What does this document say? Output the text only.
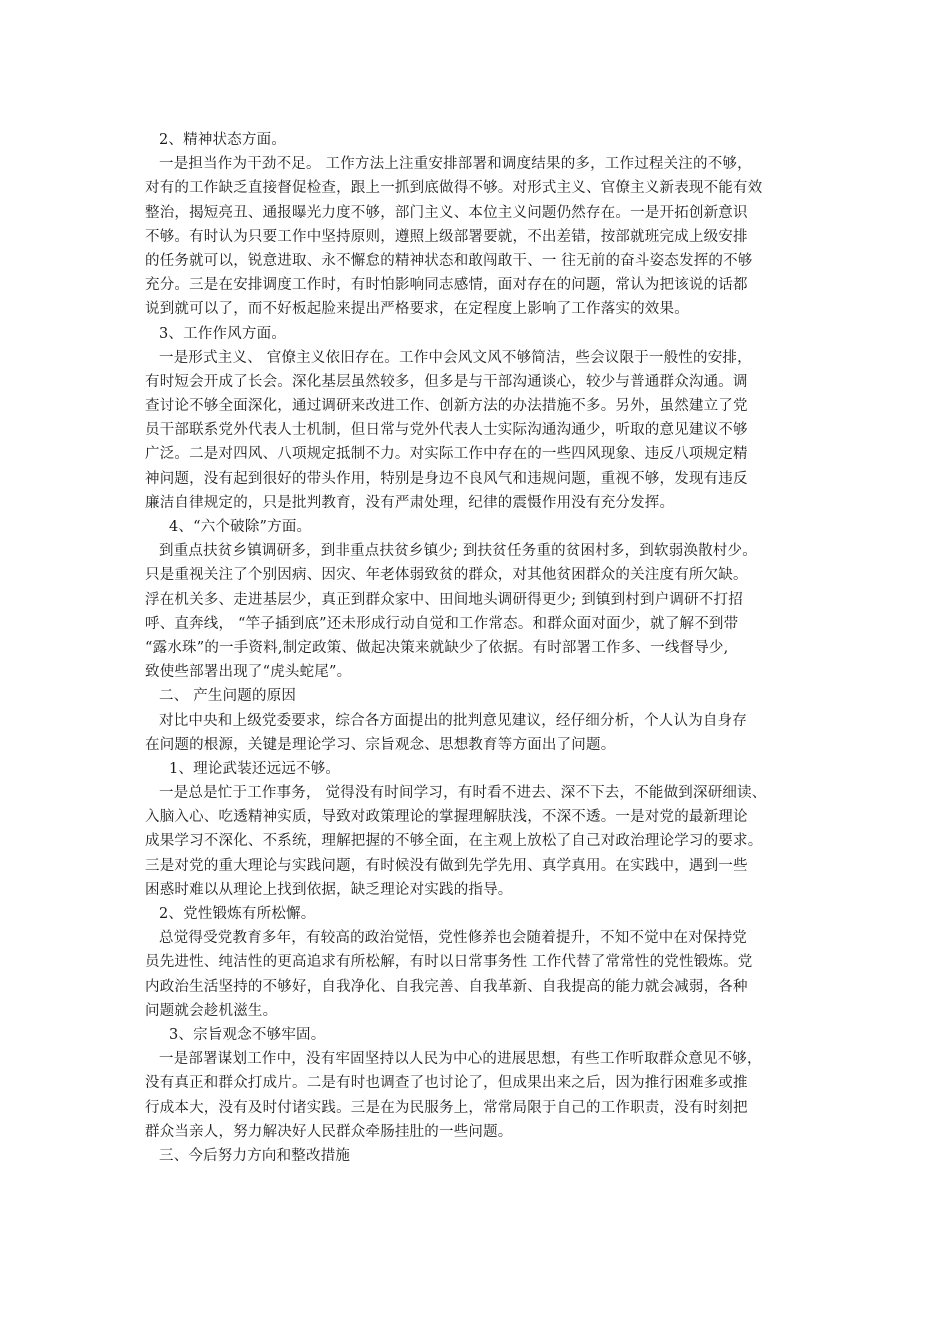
2、精神状态方面。
一是担当作为干劲不足。 工作方法上注重安排部署和调度结果的多，工作过程关注的不够，
对有的工作缺乏直接督促检查，跟上一抓到底做得不够。对形式主义、官僚主义新表现不能有效
整治，揭短亮丑、通报曝光力度不够，部门主义、本位主义问题仍然存在。一是开拓创新意识
不够。有时认为只要工作中坚持原则，遵照上级部署要就，不出差错，按部就班完成上级安排
的任务就可以，锐意进取、永不懈怠的精神状态和敢闯敢干、一 往无前的奋斗姿态发挥的不够
充分。三是在安排调度工作时，有时怕影响同志感情，面对存在的问题，常认为把该说的话都
说到就可以了，而不好板起脸来提出严格要求，在定程度上影响了工作落实的效果。
3、工作作风方面。
一是形式主义、 官僚主义依旧存在。工作中会风文风不够简洁，些会议限于一般性的安排，
有时短会开成了长会。深化基层虽然较多，但多是与干部沟通谈心，较少与普通群众沟通。调
查讨论不够全面深化，通过调研来改进工作、创新方法的办法措施不多。另外，虽然建立了党
员干部联系党外代表人士机制，但日常与党外代表人士实际沟通沟通少，听取的意见建议不够
广泛。二是对四风、八项规定抵制不力。对实际工作中存在的一些四风现象、违反八项规定精
神问题，没有起到很好的带头作用，特别是身边不良风气和违规问题，重视不够，发现有违反
廉洁自律规定的，只是批判教育，没有严肃处理，纪律的震慑作用没有充分发挥。
4、“六个破除”方面。
到重点扶贫乡镇调研多，到非重点扶贫乡镇少; 到扶贫任务重的贫困村多，到软弱涣散村少。
只是重视关注了个别因病、因灾、年老体弱致贫的群众，对其他贫困群众的关注度有所欠缺。
浮在机关多、走进基层少，真正到群众家中、田间地头调研得更少; 到镇到村到户调研不打招
呼、直奔线， “竿子插到底”还未形成行动自觉和工作常态。和群众面对面少，就了解不到带
“露水珠”的一手资料,制定政策、做起决策来就缺少了依据。有时部署工作多、一线督导少,
致使些部署出现了“虎头蛇尾”。
二、 产生问题的原因
对比中央和上级党委要求，综合各方面提出的批判意见建议，经仔细分析，个人认为自身存
在问题的根源，关键是理论学习、宗旨观念、思想教育等方面出了问题。
1、理论武装还远远不够。
一是总是忙于工作事务， 觉得没有时间学习，有时看不进去、深不下去，不能做到深研细读、
入脑入心、吃透精神实质，导致对政策理论的掌握理解肤浅，不深不透。一是对党的最新理论
成果学习不深化、不系统，理解把握的不够全面，在主观上放松了自己对政治理论学习的要求。
三是对党的重大理论与实践问题，有时候没有做到先学先用、真学真用。在实践中，遇到一些
困惑时难以从理论上找到依据，缺乏理论对实践的指导。
2、党性锻炼有所松懈。
总觉得受党教育多年，有较高的政治觉悟，党性修养也会随着提升，不知不觉中在对保持党
员先进性、纯洁性的更高追求有所松解，有时以日常事务性 工作代替了常常性的党性锻炼。党
内政治生活坚持的不够好，自我净化、自我完善、自我革新、自我提高的能力就会减弱，各种
问题就会趁机滋生。
3、宗旨观念不够牢固。
一是部署谋划工作中，没有牢固坚持以人民为中心的进展思想，有些工作听取群众意见不够，
没有真正和群众打成片。二是有时也调查了也讨论了，但成果出来之后，因为推行困难多或推
行成本大，没有及时付诸实践。三是在为民服务上，常常局限于自己的工作职责，没有时刻把
群众当亲人，努力解决好人民群众牵肠挂肚的一些问题。
三、今后努力方向和整改措施
